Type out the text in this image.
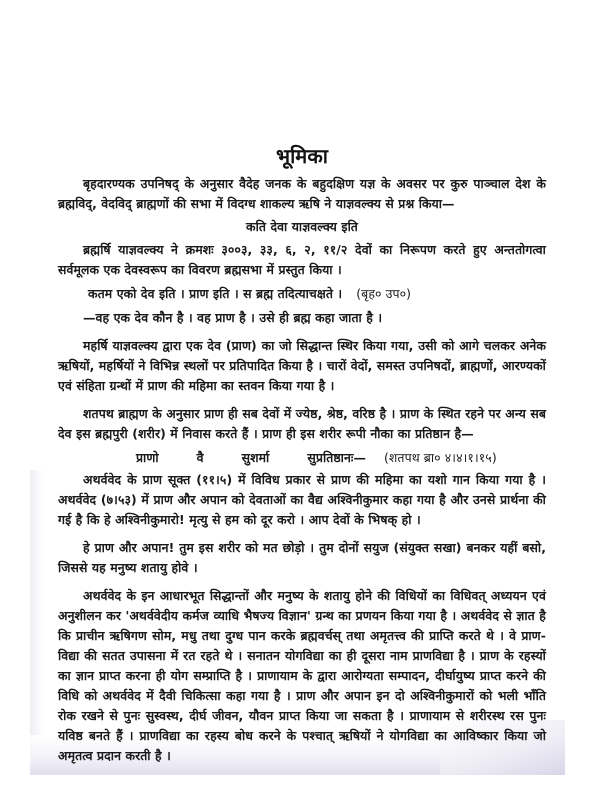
भूमिका

बृहदारण्यक उपनिषद् के अनुसार वैदेह जनक के बहुदक्षिण यज्ञ के अवसर पर कुरु पाञ्चाल देश के ब्रह्मविद्, वेदविद् ब्राह्मणों की सभा में विदग्ध शाकल्य ऋषि ने याज्ञवल्क्य से प्रश्न किया—

कति देवा याज्ञवल्क्य इति

ब्रह्मर्षि याज्ञवल्क्य ने क्रमशः ३००३, ३३, ६, २, ११/२ देवों का निरूपण करते हुए अन्ततोगत्वा सर्वमूलक एक देवस्वरूप का विवरण ब्रह्मसभा में प्रस्तुत किया ।

कतम एको देव इति । प्राण इति । स ब्रह्म तदित्याचक्षते । (बृह० उप०)

—वह एक देव कौन है । वह प्राण है । उसे ही ब्रह्म कहा जाता है ।

महर्षि याज्ञवल्क्य द्वारा एक देव (प्राण) का जो सिद्धान्त स्थिर किया गया, उसी को आगे चलकर अनेक ऋषियों, महर्षियों ने विभिन्न स्थलों पर प्रतिपादित किया है । चारों वेदों, समस्त उपनिषदों, ब्राह्मणों, आरण्यकों एवं संहिता ग्रन्थों में प्राण की महिमा का स्तवन किया गया है ।

शतपथ ब्राह्मण के अनुसार प्राण ही सब देवों में ज्येष्ठ, श्रेष्ठ, वरिष्ठ है । प्राण के स्थित रहने पर अन्य सब देव इस ब्रह्मपुरी (शरीर) में निवास करते हैं । प्राण ही इस शरीर रूपी नौका का प्रतिष्ठान है—

प्राणो	वै	सुशर्मा	सुप्रतिष्ठानः— (शतपथ ब्रा० ४।४।१।१५)

अथर्ववेद के प्राण सूक्त (११।५) में विविध प्रकार से प्राण की महिमा का यशो गान किया गया है । अथर्ववेद (७।५३) में प्राण और अपान को देवताओं का वैद्य अश्विनीकुमार कहा गया है और उनसे प्रार्थना की गई है कि हे अश्विनीकुमारो! मृत्यु से हम को दूर करो । आप देवों के भिषक् हो ।

हे प्राण और अपान! तुम इस शरीर को मत छोड़ो । तुम दोनों सयुज (संयुक्त सखा) बनकर यहीं बसो, जिससे यह मनुष्य शतायु होवे ।

अथर्ववेद के इन आधारभूत सिद्धान्तों और मनुष्य के शतायु होने की विधियों का विधिवत् अध्ययन एवं अनुशीलन कर 'अथर्ववेदीय कर्मज व्याधि भैषज्य विज्ञान' ग्रन्थ का प्रणयन किया गया है । अथर्ववेद से ज्ञात है कि प्राचीन ऋषिगण सोम, मधु तथा दुग्ध पान करके ब्रह्मवर्चस् तथा अमृतत्त्व की प्राप्ति करते थे । वे प्राण-विद्या की सतत उपासना में रत रहते थे । सनातन योगविद्या का ही दूसरा नाम प्राणविद्या है । प्राण के रहस्यों का ज्ञान प्राप्त करना ही योग सम्प्राप्ति है । प्राणायाम के द्वारा आरोग्यता सम्पादन, दीर्घायुष्य प्राप्त करने की विधि को अथर्ववेद में दैवी चिकित्सा कहा गया है । प्राण और अपान इन दो अश्विनीकुमारों को भली भाँति रोक रखने से पुनः सुस्वस्थ, दीर्घ जीवन, यौवन प्राप्त किया जा सकता है । प्राणायाम से शरीरस्थ रस पुनः यविष्ठ बनते हैं । प्राणविद्या का रहस्य बोध करने के पश्चात् ऋषियों ने योगविद्या का आविष्कार किया जो अमृतत्व प्रदान करती है ।
